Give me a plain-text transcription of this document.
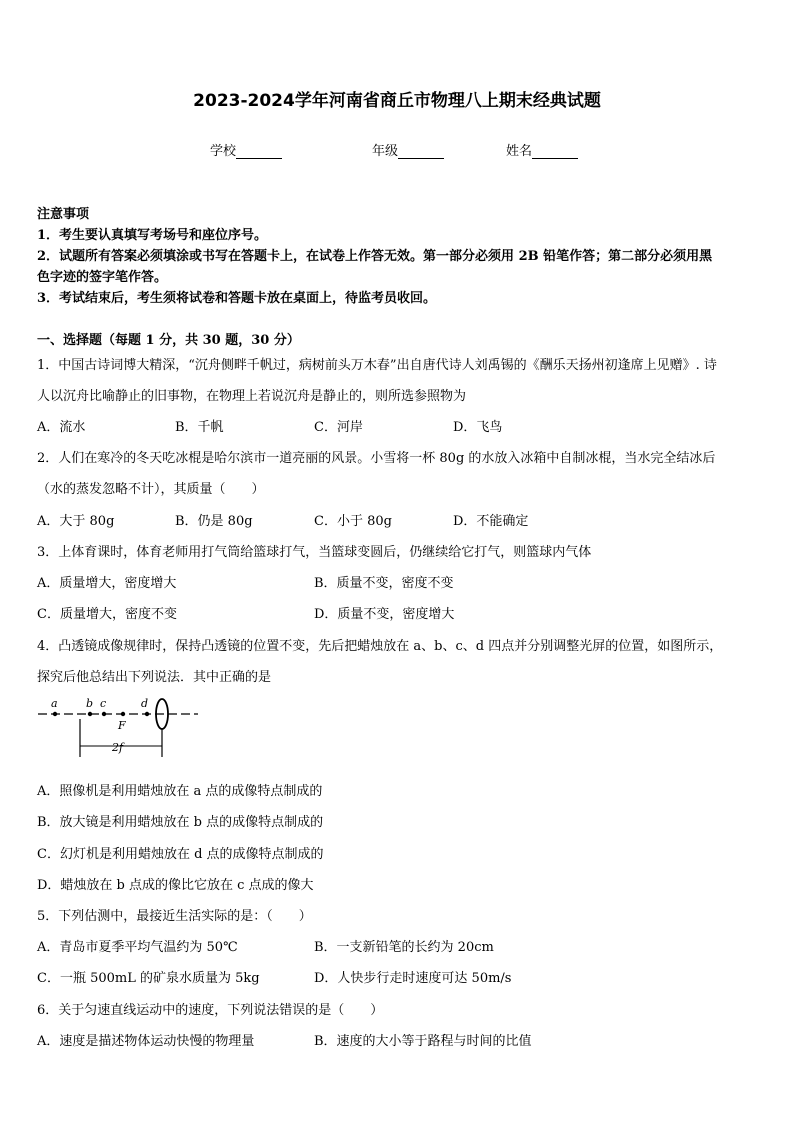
2023-2024学年河南省商丘市物理八上期末经典试题
学校	年级	姓名
注意事项
1．考生要认真填写考场号和座位序号。
2．试题所有答案必须填涂或书写在答题卡上，在试卷上作答无效。第一部分必须用 2B 铅笔作答；第二部分必须用黑
色字迹的签字笔作答。
3．考试结束后，考生须将试卷和答题卡放在桌面上，待监考员收回。
一、选择题（每题 1 分，共 30 题，30 分）
1．中国古诗词博大精深，“沉舟侧畔千帆过，病树前头万木春”出自唐代诗人刘禹锡的《酬乐天扬州初逢席上见赠》. 诗
人以沉舟比喻静止的旧事物，在物理上若说沉舟是静止的，则所选参照物为
A．流水	B．千帆	C．河岸	D．飞鸟
2．人们在寒冷的冬天吃冰棍是哈尔滨市一道亮丽的风景。小雪将一杯 80g 的水放入冰箱中自制冰棍，当水完全结冰后
（水的蒸发忽略不计），其质量（　　）
A．大于 80g	B．仍是 80g	C．小于 80g	D．不能确定
3．上体育课时，体育老师用打气筒给篮球打气，当篮球变圆后，仍继续给它打气，则篮球内气体
A．质量增大，密度增大	B．质量不变，密度不变
C．质量增大，密度不变	D．质量不变，密度增大
4．凸透镜成像规律时，保持凸透镜的位置不变，先后把蜡烛放在 a、b、c、d 四点并分别调整光屏的位置，如图所示，
探究后他总结出下列说法．其中正确的是
a	b c	d
F
2f
A．照像机是利用蜡烛放在 a 点的成像特点制成的
B．放大镜是利用蜡烛放在 b 点的成像特点制成的
C．幻灯机是利用蜡烛放在 d 点的成像特点制成的
D．蜡烛放在 b 点成的像比它放在 c 点成的像大
5．下列估测中，最接近生活实际的是：（　　）
A．青岛市夏季平均气温约为 50℃	B．一支新铅笔的长约为 20cm
C．一瓶 500mL 的矿泉水质量为 5kg	D．人快步行走时速度可达 50m/s
6．关于匀速直线运动中的速度，下列说法错误的是（　　）
A．速度是描述物体运动快慢的物理量	B．速度的大小等于路程与时间的比值
